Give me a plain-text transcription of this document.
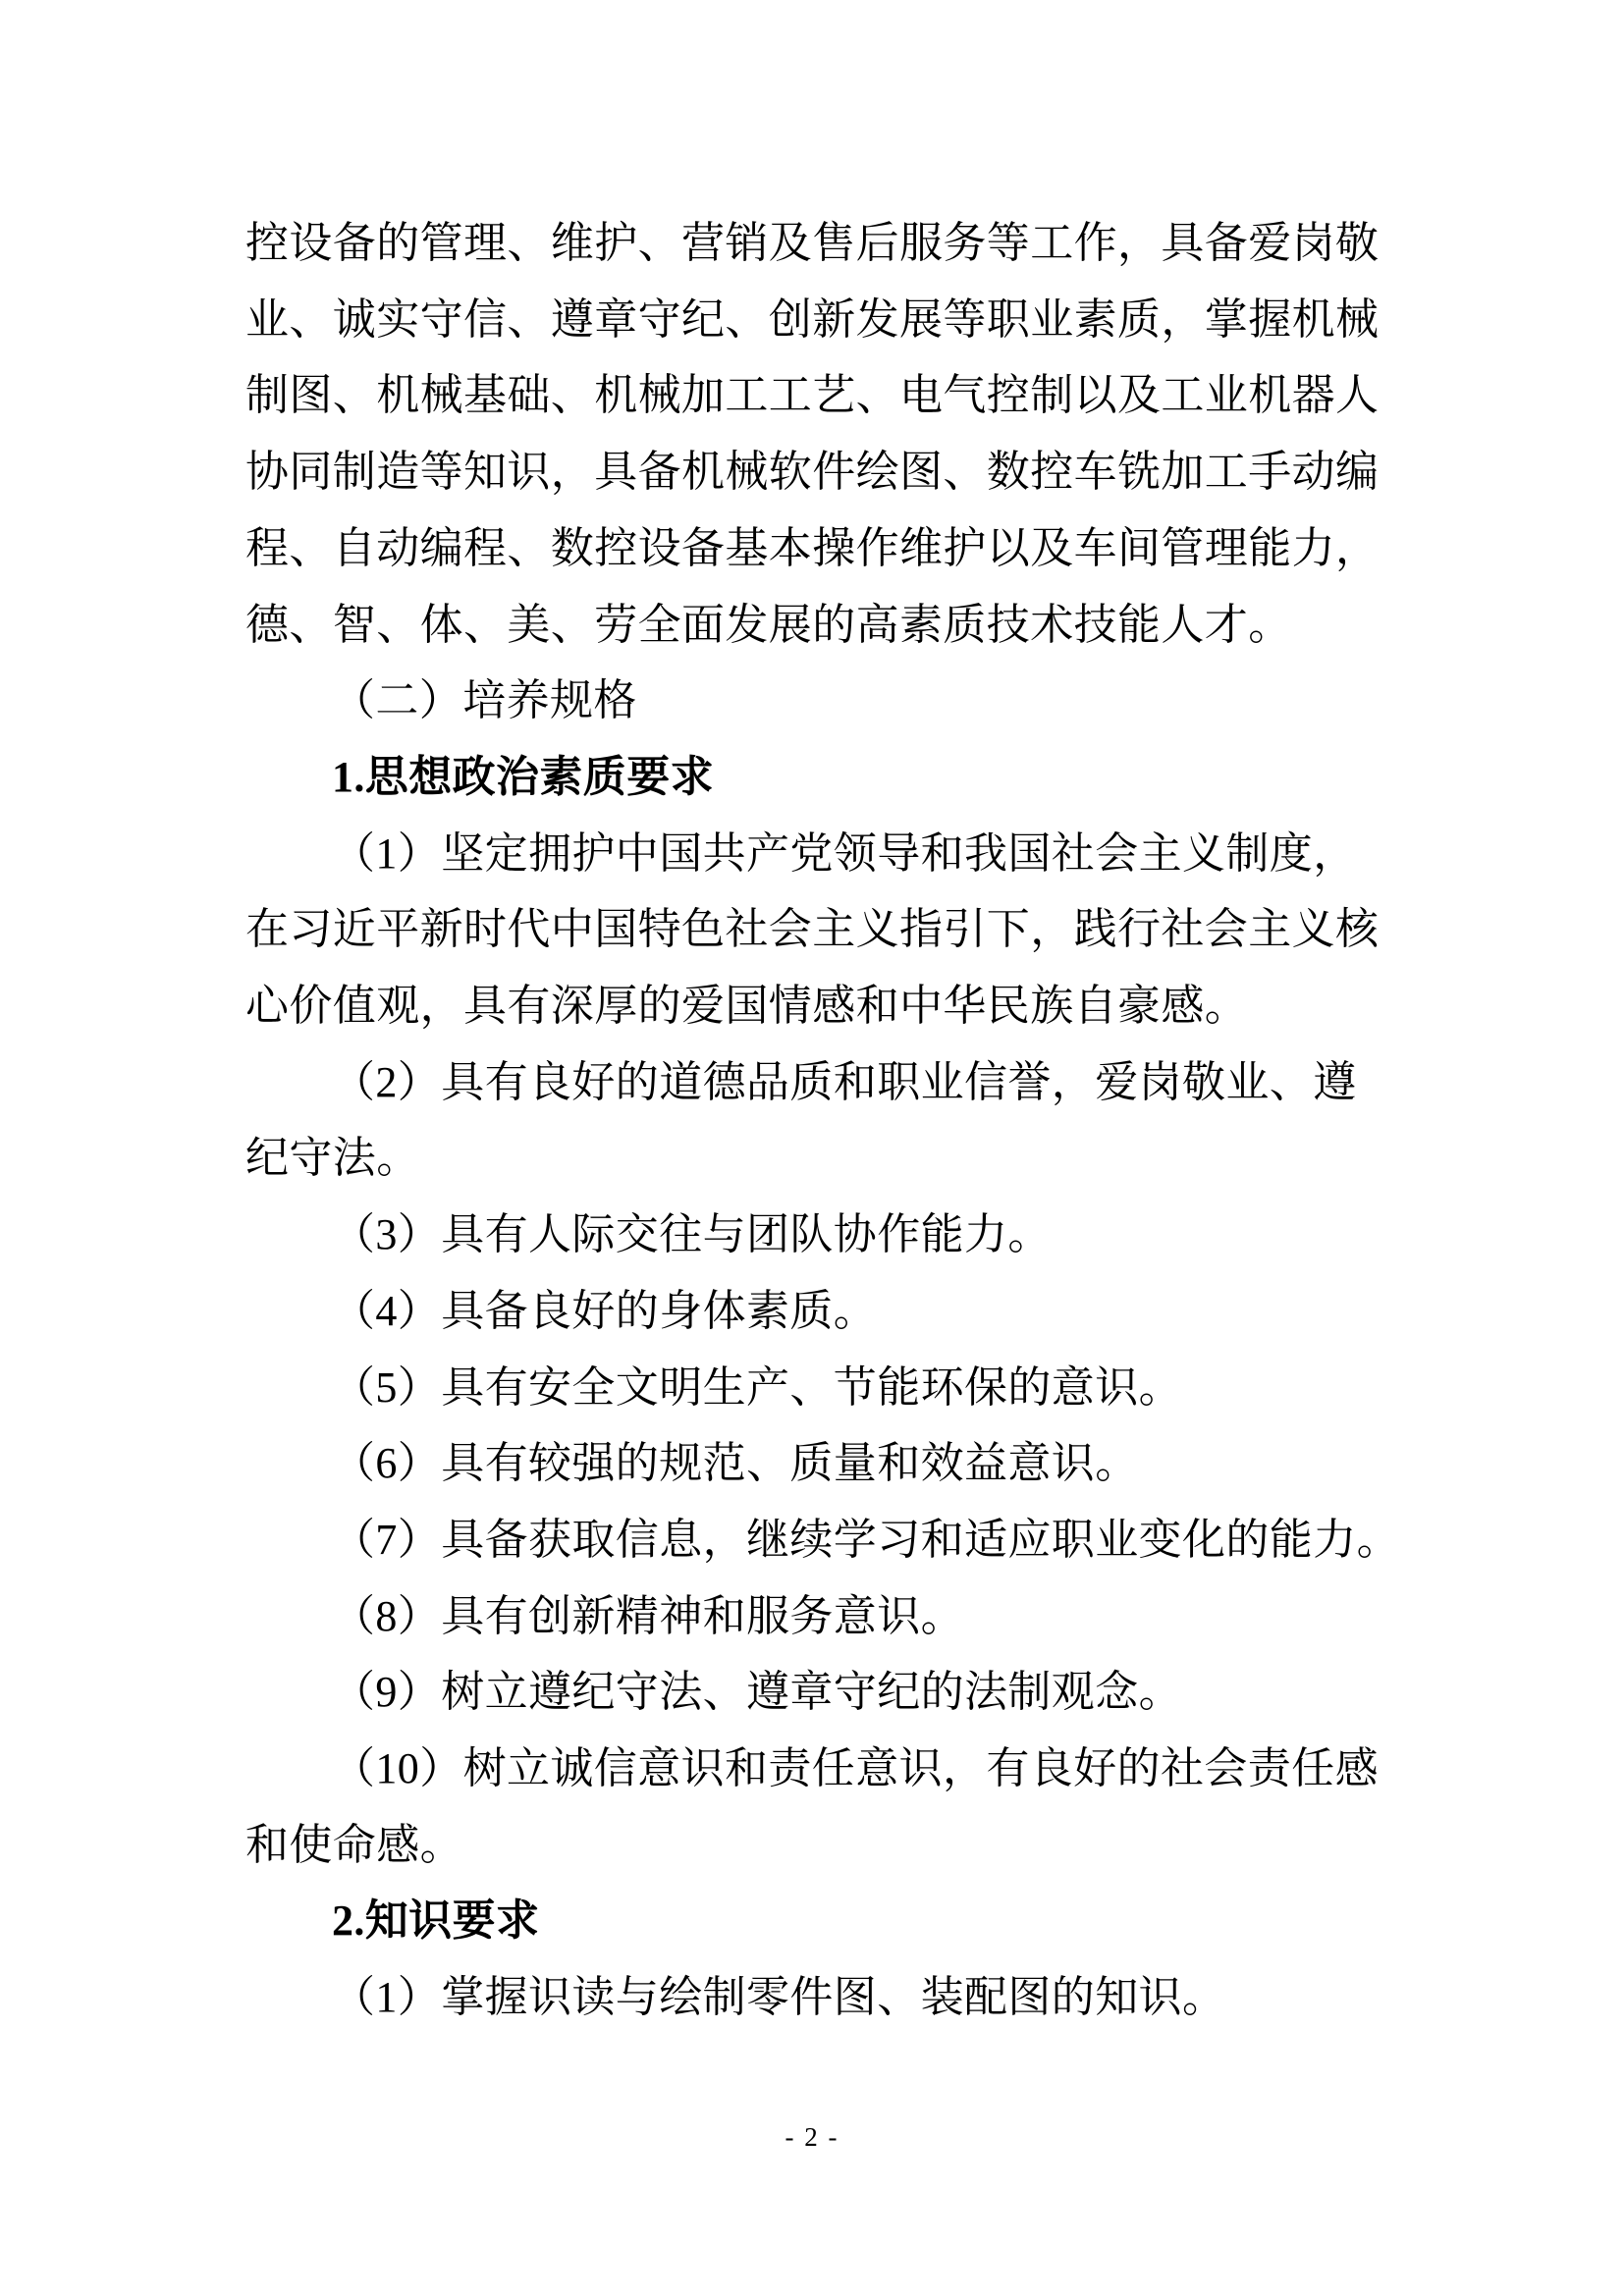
控设备的管理、维护、营销及售后服务等工作，具备爱岗敬
业、诚实守信、遵章守纪、创新发展等职业素质，掌握机械
制图、机械基础、机械加工工艺、电气控制以及工业机器人
协同制造等知识，具备机械软件绘图、数控车铣加工手动编
程、自动编程、数控设备基本操作维护以及车间管理能力，
德、智、体、美、劳全面发展的高素质技术技能人才。
（二）培养规格
1.思想政治素质要求
（1）坚定拥护中国共产党领导和我国社会主义制度，
在习近平新时代中国特色社会主义指引下，践行社会主义核
心价值观，具有深厚的爱国情感和中华民族自豪感。
（2）具有良好的道德品质和职业信誉，爱岗敬业、遵
纪守法。
（3）具有人际交往与团队协作能力。
（4）具备良好的身体素质。
（5）具有安全文明生产、节能环保的意识。
（6）具有较强的规范、质量和效益意识。
（7）具备获取信息，继续学习和适应职业变化的能力。
（8）具有创新精神和服务意识。
（9）树立遵纪守法、遵章守纪的法制观念。
（10）树立诚信意识和责任意识，有良好的社会责任感
和使命感。
2.知识要求
（1）掌握识读与绘制零件图、装配图的知识。
- 2 -
